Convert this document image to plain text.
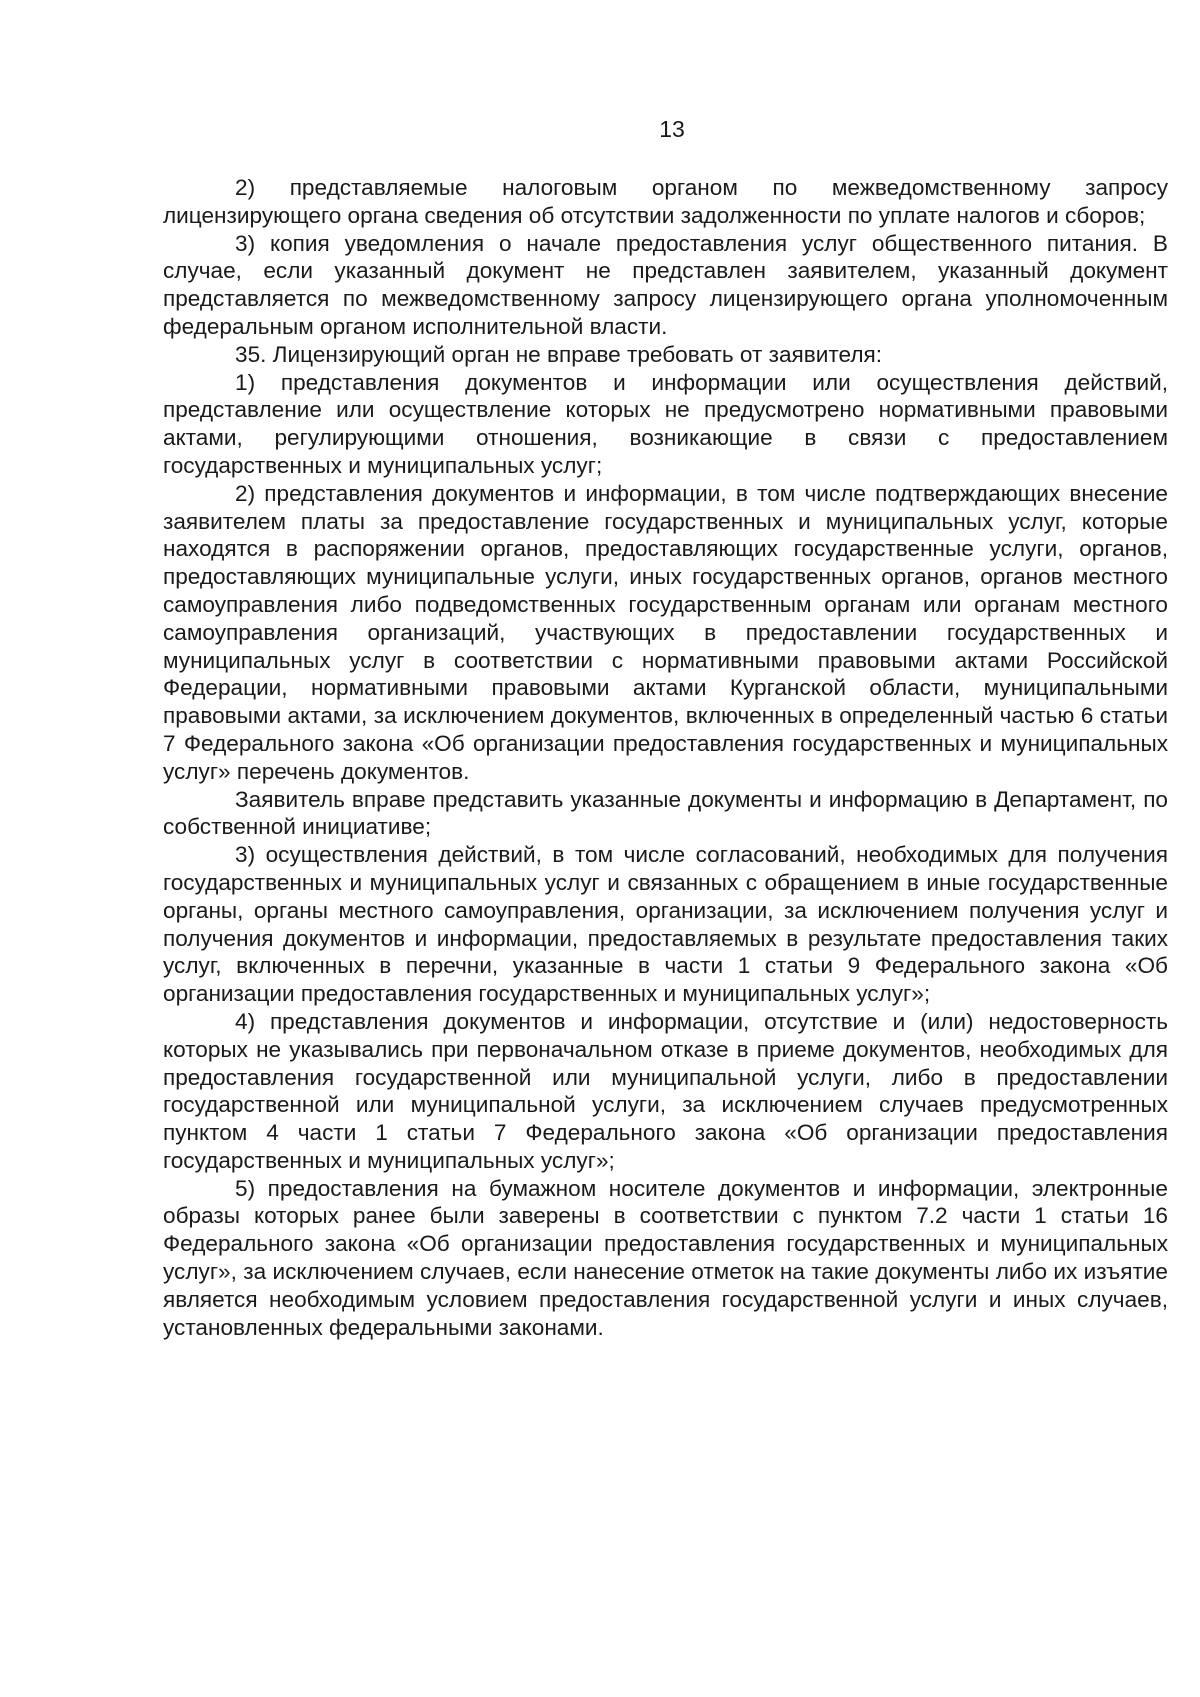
13

2) представляемые налоговым органом по межведомственному запросу лицензирующего органа сведения об отсутствии задолженности по уплате налогов и сборов;

3) копия уведомления о начале предоставления услуг общественного питания. В случае, если указанный документ не представлен заявителем, указанный документ представляется по межведомственному запросу лицензирующего органа уполномоченным федеральным органом исполнительной власти.

35. Лицензирующий орган не вправе требовать от заявителя:

1) представления документов и информации или осуществления действий, представление или осуществление которых не предусмотрено нормативными правовыми актами, регулирующими отношения, возникающие в связи с предоставлением государственных и муниципальных услуг;

2) представления документов и информации, в том числе подтверждающих внесение заявителем платы за предоставление государственных и муниципальных услуг, которые находятся в распоряжении органов, предоставляющих государственные услуги, органов, предоставляющих муниципальные услуги, иных государственных органов, органов местного самоуправления либо подведомственных государственным органам или органам местного самоуправления организаций, участвующих в предоставлении государственных и муниципальных услуг в соответствии с нормативными правовыми актами Российской Федерации, нормативными правовыми актами Курганской области, муниципальными правовыми актами, за исключением документов, включенных в определенный частью 6 статьи 7 Федерального закона «Об организации предоставления государственных и муниципальных услуг» перечень документов.

Заявитель вправе представить указанные документы и информацию в Департамент, по собственной инициативе;

3) осуществления действий, в том числе согласований, необходимых для получения государственных и муниципальных услуг и связанных с обращением в иные государственные органы, органы местного самоуправления, организации, за исключением получения услуг и получения документов и информации, предоставляемых в результате предоставления таких услуг, включенных в перечни, указанные в части 1 статьи 9 Федерального закона «Об организации предоставления государственных и муниципальных услуг»;

4) представления документов и информации, отсутствие и (или) недостоверность которых не указывались при первоначальном отказе в приеме документов, необходимых для предоставления государственной или муниципальной услуги, либо в предоставлении государственной или муниципальной услуги, за исключением случаев предусмотренных пунктом 4 части 1 статьи 7 Федерального закона «Об организации предоставления государственных и муниципальных услуг»;

5) предоставления на бумажном носителе документов и информации, электронные образы которых ранее были заверены в соответствии с пунктом 7.2 части 1 статьи 16 Федерального закона «Об организации предоставления государственных и муниципальных услуг», за исключением случаев, если нанесение отметок на такие документы либо их изъятие является необходимым условием предоставления государственной услуги и иных случаев, установленных федеральными законами.
